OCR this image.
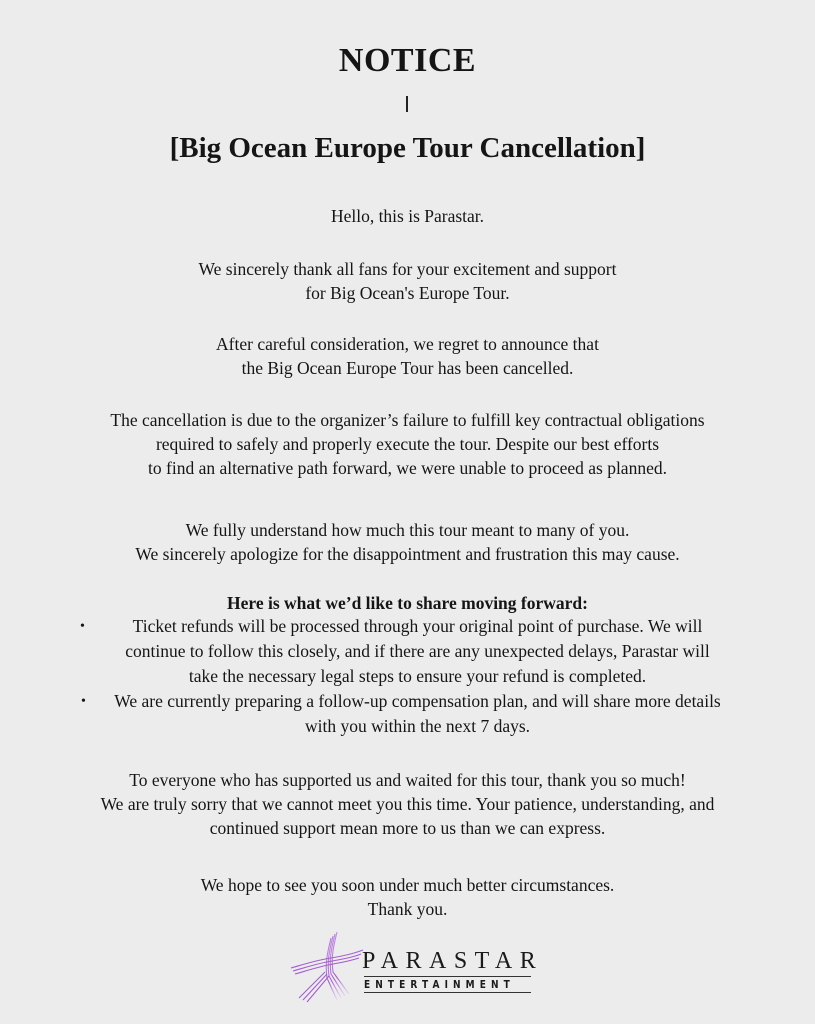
NOTICE
[Big Ocean Europe Tour Cancellation]

Hello, this is Parastar.

We sincerely thank all fans for your excitement and support
for Big Ocean's Europe Tour.

After careful consideration, we regret to announce that
the Big Ocean Europe Tour has been cancelled.

The cancellation is due to the organizer’s failure to fulfill key contractual obligations
required to safely and properly execute the tour. Despite our best efforts
to find an alternative path forward, we were unable to proceed as planned.

We fully understand how much this tour meant to many of you.
We sincerely apologize for the disappointment and frustration this may cause.

Here is what we’d like to share moving forward:

•	Ticket refunds will be processed through your original point of purchase. We will
continue to follow this closely, and if there are any unexpected delays, Parastar will
take the necessary legal steps to ensure your refund is completed.
• We are currently preparing a follow-up compensation plan, and will share more details
with you within the next 7 days.

To everyone who has supported us and waited for this tour, thank you so much!
We are truly sorry that we cannot meet you this time. Your patience, understanding, and
continued support mean more to us than we can express.

We hope to see you soon under much better circumstances.
Thank you.

PARASTAR
ENTERTAINMENT
